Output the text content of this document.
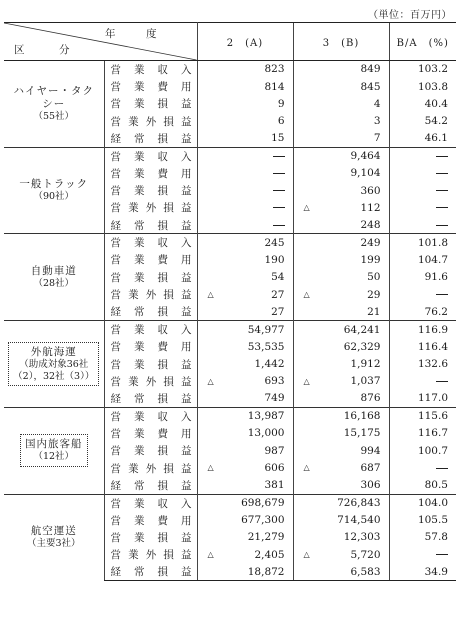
（単位：百万円）
年　度
区　分		2　(A)	3　(B)	B/A　(%)

ハイヤー・タク
シー
（55社）	営業収入	823	849	103.2
	営業費用	814	845	103.8
	営業損益	9	4	40.4
	営業外損益	6	3	54.2
	経常損益	15	7	46.1

一般トラック
（90社）	営業収入		9,464	
	営業費用		9,104	
	営業損益		360	
	営業外損益		△ 112	
	経常損益		248	

自動車道
（28社）	営業収入	245	249	101.8
	営業費用	190	199	104.7
	営業損益	54	50	91.6
	営業外損益	△ 27	△ 29	
	経常損益	27	21	76.2

外航海運
（助成対象36社
（2），32社（3））	営業収入	54,977	64,241	116.9
	営業費用	53,535	62,329	116.4
	営業損益	1,442	1,912	132.6
	営業外損益	△ 693	△ 1,037	
	経常損益	749	876	117.0

国内旅客船
（12社）	営業収入	13,987	16,168	115.6
	営業費用	13,000	15,175	116.7
	営業損益	987	994	100.7
	営業外損益	△ 606	△ 687	
	経常損益	381	306	80.5

航空運送
（主要3社）	営業収入	698,679	726,843	104.0
	営業費用	677,300	714,540	105.5
	営業損益	21,279	12,303	57.8
	営業外損益	△ 2,405	△ 5,720	
	経常損益	18,872	6,583	34.9
